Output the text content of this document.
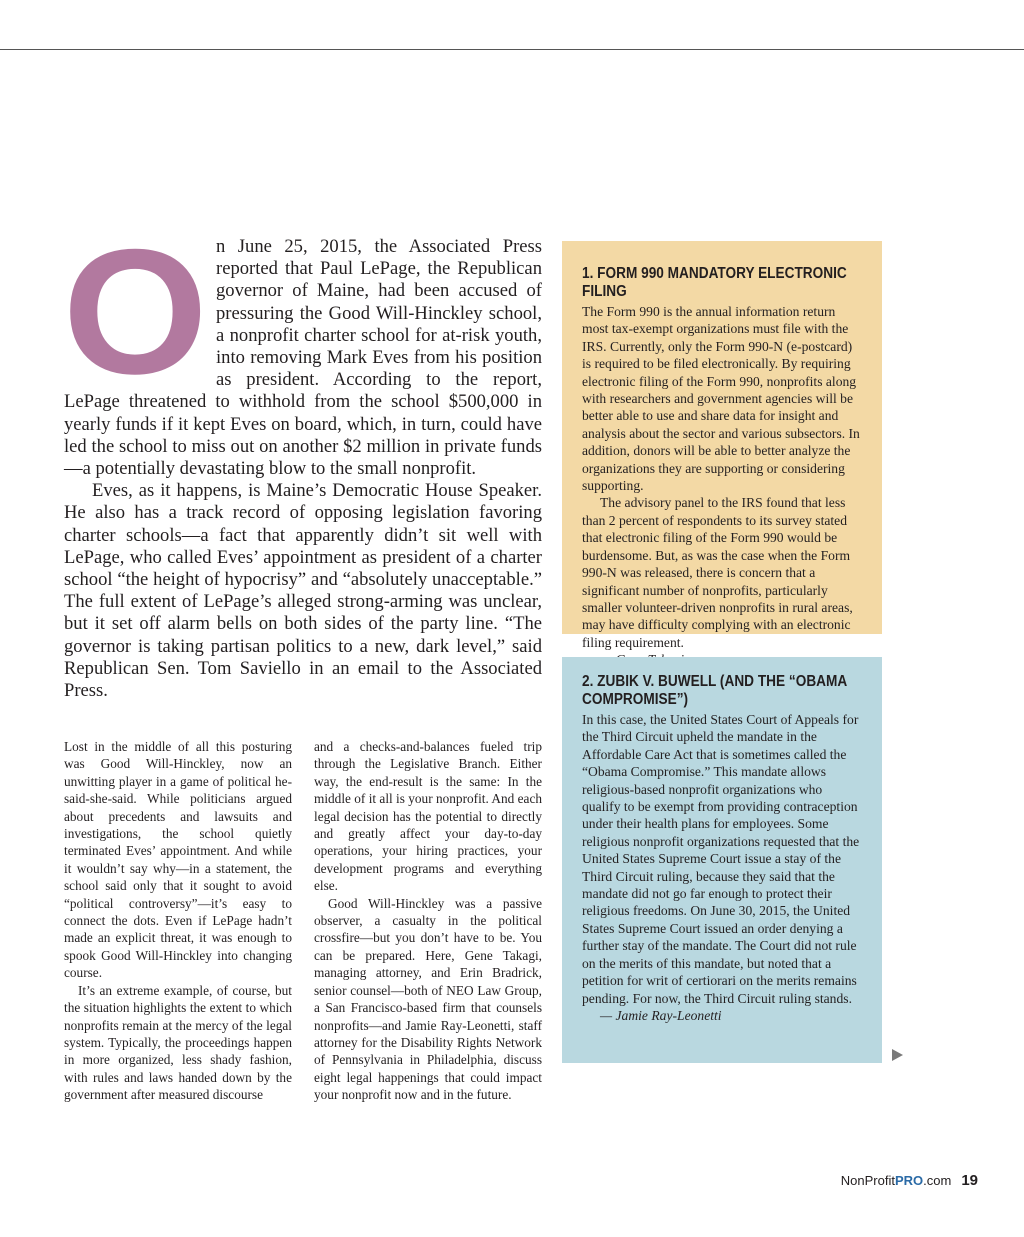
O n June 25, 2015, the Associated Press reported that Paul LePage, the Republican governor of Maine, had been accused of pressuring the Good Will-Hinckley school, a nonprofit charter school for at-risk youth, into removing Mark Eves from his position as president. According to the report, LePage threatened to withhold from the school $500,000 in yearly funds if it kept Eves on board, which, in turn, could have led the school to miss out on another $2 million in private funds—a potentially devastating blow to the small nonprofit.

Eves, as it happens, is Maine’s Democratic House Speaker. He also has a track record of opposing legislation favoring charter schools—a fact that apparently didn’t sit well with LePage, who called Eves’ appointment as president of a charter school “the height of hypocrisy” and “absolutely unacceptable.” The full extent of LePage’s alleged strong-arming was unclear, but it set off alarm bells on both sides of the party line. “The governor is taking partisan politics to a new, dark level,” said Republican Sen. Tom Saviello in an email to the Associated Press.

Lost in the middle of all this posturing was Good Will-Hinckley, now an unwitting player in a game of political he-said-she-said. While politicians argued about precedents and lawsuits and investigations, the school quietly terminated Eves’ appointment. And while it wouldn’t say why—in a statement, the school said only that it sought to avoid “political controversy”—it’s easy to connect the dots. Even if LePage hadn’t made an explicit threat, it was enough to spook Good Will-Hinckley into changing course.

It’s an extreme example, of course, but the situation highlights the extent to which nonprofits remain at the mercy of the legal system. Typically, the proceedings happen in more organized, less shady fashion, with rules and laws handed down by the government after measured discourse

and a checks-and-balances fueled trip through the Legislative Branch. Either way, the end-result is the same: In the middle of it all is your nonprofit. And each legal decision has the potential to directly and greatly affect your day-to-day operations, your hiring practices, your development programs and everything else.

Good Will-Hinckley was a passive observer, a casualty in the political crossfire—but you don’t have to be. You can be prepared. Here, Gene Takagi, managing attorney, and Erin Bradrick, senior counsel—both of NEO Law Group, a San Francisco-based firm that counsels nonprofits—and Jamie Ray-Leonetti, staff attorney for the Disability Rights Network of Pennsylvania in Philadelphia, discuss eight legal happenings that could impact your nonprofit now and in the future.

1. FORM 990 MANDATORY ELECTRONIC FILING

The Form 990 is the annual information return most tax-exempt organizations must file with the IRS. Currently, only the Form 990-N (e-postcard) is required to be filed electronically. By requiring electronic filing of the Form 990, nonprofits along with researchers and government agencies will be better able to use and share data for insight and analysis about the sector and various subsectors. In addition, donors will be able to better analyze the organizations they are supporting or considering supporting.

The advisory panel to the IRS found that less than 2 percent of respondents to its survey stated that electronic filing of the Form 990 would be burdensome. But, as was the case when the Form 990-N was released, there is concern that a significant number of nonprofits, particularly smaller volunteer-driven nonprofits in rural areas, may have difficulty complying with an electronic filing requirement.

2. ZUBIK V. BUWELL (AND THE “OBAMA COMPROMISE”)

In this case, the United States Court of Appeals for the Third Circuit upheld the mandate in the Affordable Care Act that is sometimes called the “Obama Compromise.” This mandate allows religious-based nonprofit organizations who qualify to be exempt from providing contraception under their health plans for employees. Some religious nonprofit organizations requested that the United States Supreme Court issue a stay of the Third Circuit ruling, because they said that the mandate did not go far enough to protect their religious freedoms. On June 30, 2015, the United States Supreme Court issued an order denying a further stay of the mandate. The Court did not rule on the merits of this mandate, but noted that a petition for writ of certiorari on the merits remains pending. For now, the Third Circuit ruling stands.

— Jamie Ray-Leonetti

NonProfitPRO.com 19
